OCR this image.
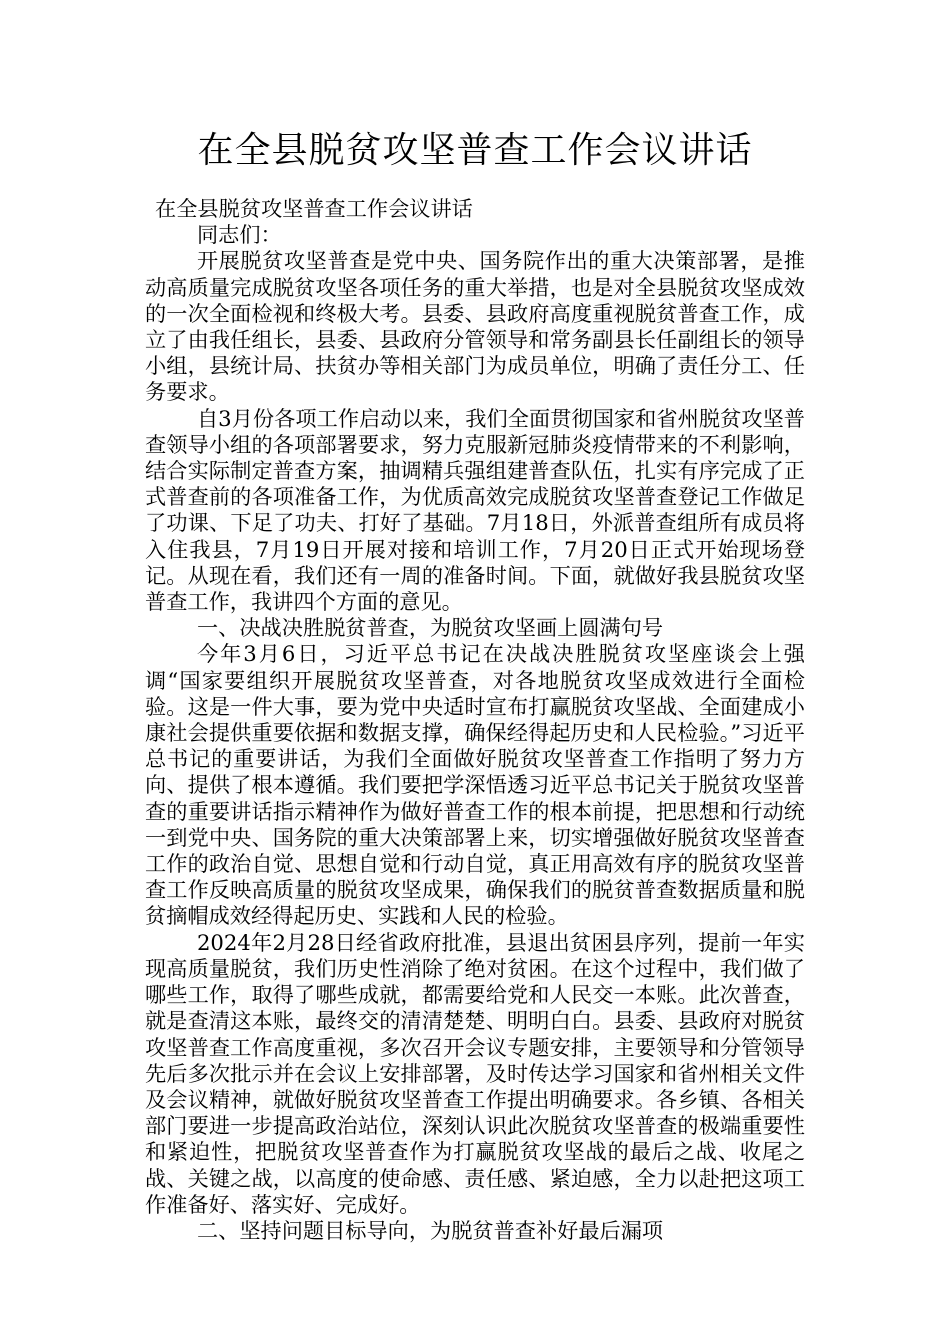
在全县脱贫攻坚普查工作会议讲话

在全县脱贫攻坚普查工作会议讲话

同志们：

开展脱贫攻坚普查是党中央、国务院作出的重大决策部署，是推动高质量完成脱贫攻坚各项任务的重大举措，也是对全县脱贫攻坚成效的一次全面检视和终极大考。县委、县政府高度重视脱贫普查工作，成立了由我任组长，县委、县政府分管领导和常务副县长任副组长的领导小组，县统计局、扶贫办等相关部门为成员单位，明确了责任分工、任务要求。

自3月份各项工作启动以来，我们全面贯彻国家和省州脱贫攻坚普查领导小组的各项部署要求，努力克服新冠肺炎疫情带来的不利影响，结合实际制定普查方案，抽调精兵强组建普查队伍，扎实有序完成了正式普查前的各项准备工作，为优质高效完成脱贫攻坚普查登记工作做足了功课、下足了功夫、打好了基础。7月18日，外派普查组所有成员将入住我县，7月19日开展对接和培训工作，7月20日正式开始现场登记。从现在看，我们还有一周的准备时间。下面，就做好我县脱贫攻坚普查工作，我讲四个方面的意见。

一、决战决胜脱贫普查，为脱贫攻坚画上圆满句号

今年3月6日，习近平总书记在决战决胜脱贫攻坚座谈会上强调“国家要组织开展脱贫攻坚普查，对各地脱贫攻坚成效进行全面检验。这是一件大事，要为党中央适时宣布打赢脱贫攻坚战、全面建成小康社会提供重要依据和数据支撑，确保经得起历史和人民检验。”习近平总书记的重要讲话，为我们全面做好脱贫攻坚普查工作指明了努力方向、提供了根本遵循。我们要把学深悟透习近平总书记关于脱贫攻坚普查的重要讲话指示精神作为做好普查工作的根本前提，把思想和行动统一到党中央、国务院的重大决策部署上来，切实增强做好脱贫攻坚普查工作的政治自觉、思想自觉和行动自觉，真正用高效有序的脱贫攻坚普查工作反映高质量的脱贫攻坚成果，确保我们的脱贫普查数据质量和脱贫摘帽成效经得起历史、实践和人民的检验。

2024年2月28日经省政府批准，县退出贫困县序列，提前一年实现高质量脱贫，我们历史性消除了绝对贫困。在这个过程中，我们做了哪些工作，取得了哪些成就，都需要给党和人民交一本账。此次普查，就是查清这本账，最终交的清清楚楚、明明白白。县委、县政府对脱贫攻坚普查工作高度重视，多次召开会议专题安排，主要领导和分管领导先后多次批示并在会议上安排部署，及时传达学习国家和省州相关文件及会议精神，就做好脱贫攻坚普查工作提出明确要求。各乡镇、各相关部门要进一步提高政治站位，深刻认识此次脱贫攻坚普查的极端重要性和紧迫性，把脱贫攻坚普查作为打赢脱贫攻坚战的最后之战、收尾之战、关键之战，以高度的使命感、责任感、紧迫感，全力以赴把这项工作准备好、落实好、完成好。

二、坚持问题目标导向，为脱贫普查补好最后漏项
